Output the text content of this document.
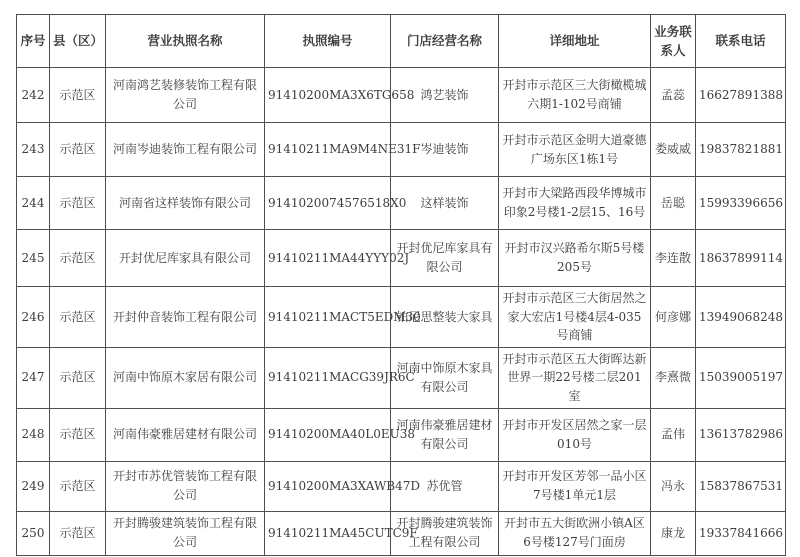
序号	县（区）	营业执照名称	执照编号	门店经营名称	详细地址	业务联系人	联系电话
242	示范区	河南鸿艺装修装饰工程有限公司	91410200MA3X6TG658	鸿艺装饰	开封市示范区三大街橄榄城六期1-102号商铺	孟蕊	16627891388
243	示范区	河南岑迪装饰工程有限公司	91410211MA9M4NE31F	岑迪装饰	开封市示范区金明大道豪德广场东区1栋1号	娄威威	19837821881
244	示范区	河南省这样装饰有限公司	9141020074576518X0	这样装饰	开封市大梁路西段华博城市印象2号楼1-2层15、16号	岳聪	15993396656
245	示范区	开封优尼库家具有限公司	91410211MA44YYY02J	开封优尼库家具有限公司	开封市汉兴路希尔斯5号楼205号	李连散	18637899114
246	示范区	开封仲音装饰工程有限公司	91410211MACT5EDM30	铂尼思整装大家具	开封市示范区三大街居然之家大宏店1号楼4层4-035号商铺	何彦娜	13949068248
247	示范区	河南中饰原木家居有限公司	91410211MACG39JR6C	河南中饰原木家具有限公司	开封市示范区五大街晖达新世界一期22号楼二层201室	李熹微	15039005197
248	示范区	河南伟豪雅居建材有限公司	91410200MA40L0EU38	河南伟豪雅居建材有限公司	开封市开发区居然之家一层010号	孟伟	13613782986
249	示范区	开封市苏优管装饰工程有限公司	91410200MA3XAWB47D	苏优管	开封市开发区芳邻一品小区7号楼1单元1层	冯永	15837867531
250	示范区	开封腾骏建筑装饰工程有限公司	91410211MA45CUTC9F	开封腾骏建筑装饰工程有限公司	开封市五大街欧洲小镇A区6号楼127号门面房	康龙	19337841666
